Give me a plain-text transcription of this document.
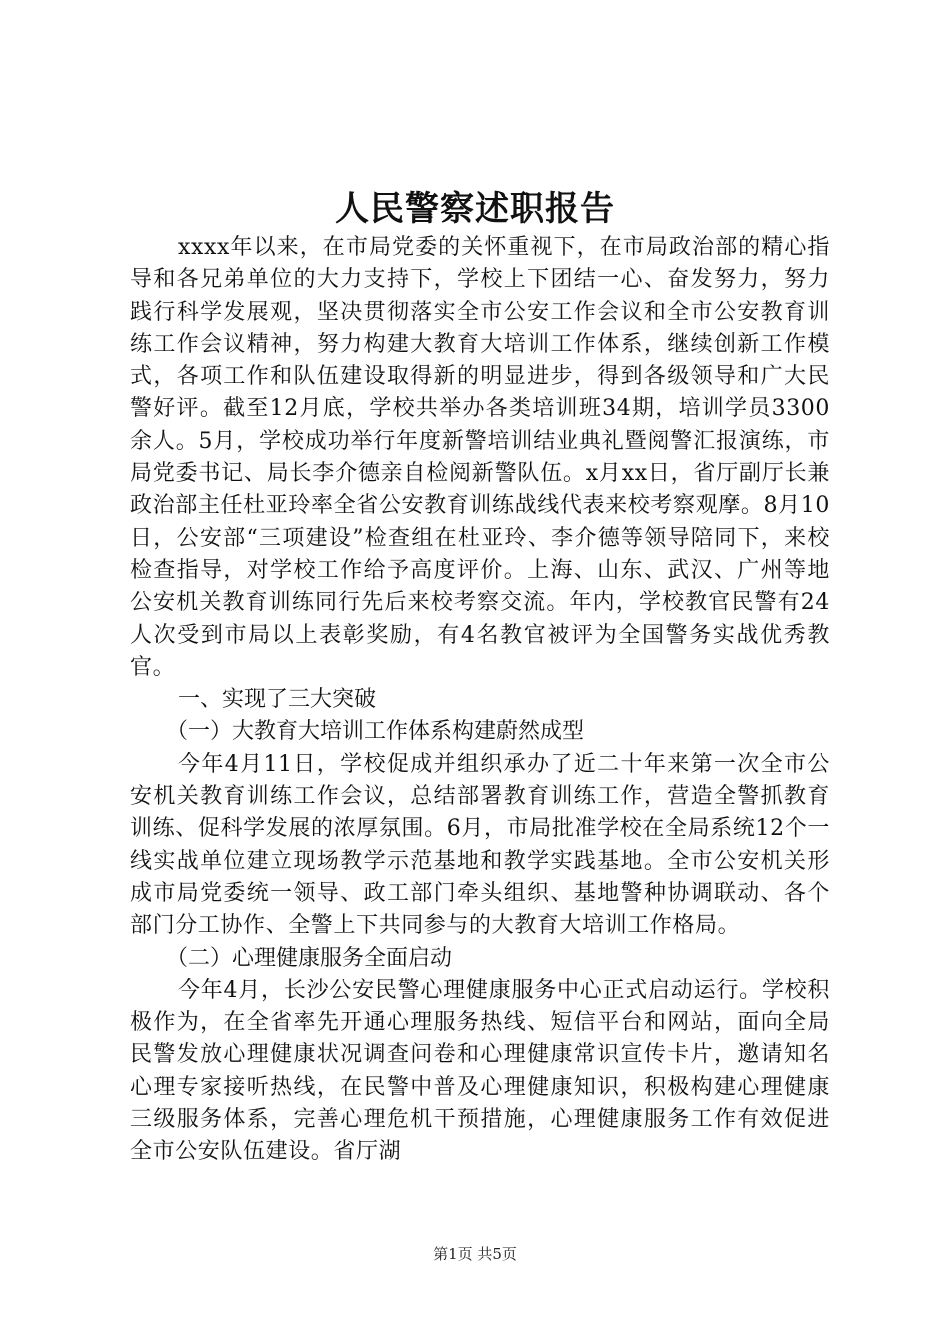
人民警察述职报告

xxxx年以来，在市局党委的关怀重视下，在市局政治部的精心指导和各兄弟单位的大力支持下，学校上下团结一心、奋发努力，努力践行科学发展观，坚决贯彻落实全市公安工作会议和全市公安教育训练工作会议精神，努力构建大教育大培训工作体系，继续创新工作模式，各项工作和队伍建设取得新的明显进步，得到各级领导和广大民警好评。截至12月底，学校共举办各类培训班34期，培训学员3300余人。5月，学校成功举行年度新警培训结业典礼暨阅警汇报演练，市局党委书记、局长李介德亲自检阅新警队伍。x月xx日，省厅副厅长兼政治部主任杜亚玲率全省公安教育训练战线代表来校考察观摩。8月10日，公安部“三项建设”检查组在杜亚玲、李介德等领导陪同下，来校检查指导，对学校工作给予高度评价。上海、山东、武汉、广州等地公安机关教育训练同行先后来校考察交流。年内，学校教官民警有24人次受到市局以上表彰奖励，有4名教官被评为全国警务实战优秀教官。

一、实现了三大突破

（一）大教育大培训工作体系构建蔚然成型

今年4月11日，学校促成并组织承办了近二十年来第一次全市公安机关教育训练工作会议，总结部署教育训练工作，营造全警抓教育训练、促科学发展的浓厚氛围。6月，市局批准学校在全局系统12个一线实战单位建立现场教学示范基地和教学实践基地。全市公安机关形成市局党委统一领导、政工部门牵头组织、基地警种协调联动、各个部门分工协作、全警上下共同参与的大教育大培训工作格局。

（二）心理健康服务全面启动

今年4月，长沙公安民警心理健康服务中心正式启动运行。学校积极作为，在全省率先开通心理服务热线、短信平台和网站，面向全局民警发放心理健康状况调查问卷和心理健康常识宣传卡片，邀请知名心理专家接听热线，在民警中普及心理健康知识，积极构建心理健康三级服务体系，完善心理危机干预措施，心理健康服务工作有效促进全市公安队伍建设。省厅湖

第1页 共5页
